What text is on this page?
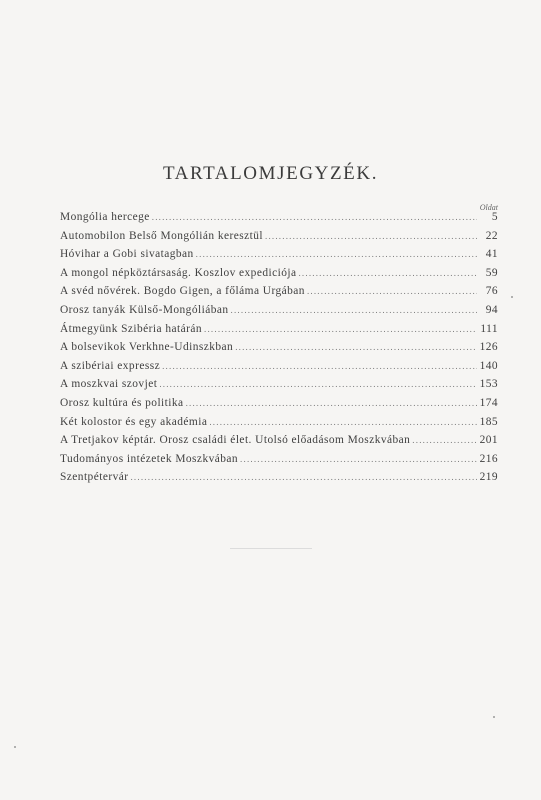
TARTALOMJEGYZÉK.
Oldat
Mongólia hercege .....	5
Automobilon Belső Mongólián keresztül .....	22
Hóvihar a Gobi sivatagban .....	41
A mongol népköztársaság. Koszlov expediciója .....	59
A svéd nővérek. Bogdo Gigen, a főláma Urgában .....	76
Orosz tanyák Külső-Mongóliában .....	94
Átmegyünk Szibéria határán .....	111
A bolsevikok Verkhne-Udinszkban .....	126
A szibériai expressz .....	140
A moszkvai szovjet .....	153
Orosz kultúra és politika .....	174
Két kolostor és egy akadémia .....	185
A Tretjakov képtár. Orosz családi élet. Utolsó előadásom Moszkvában .....	201
Tudományos intézetek Moszkvában .....	216
Szentpétervár .....	219
